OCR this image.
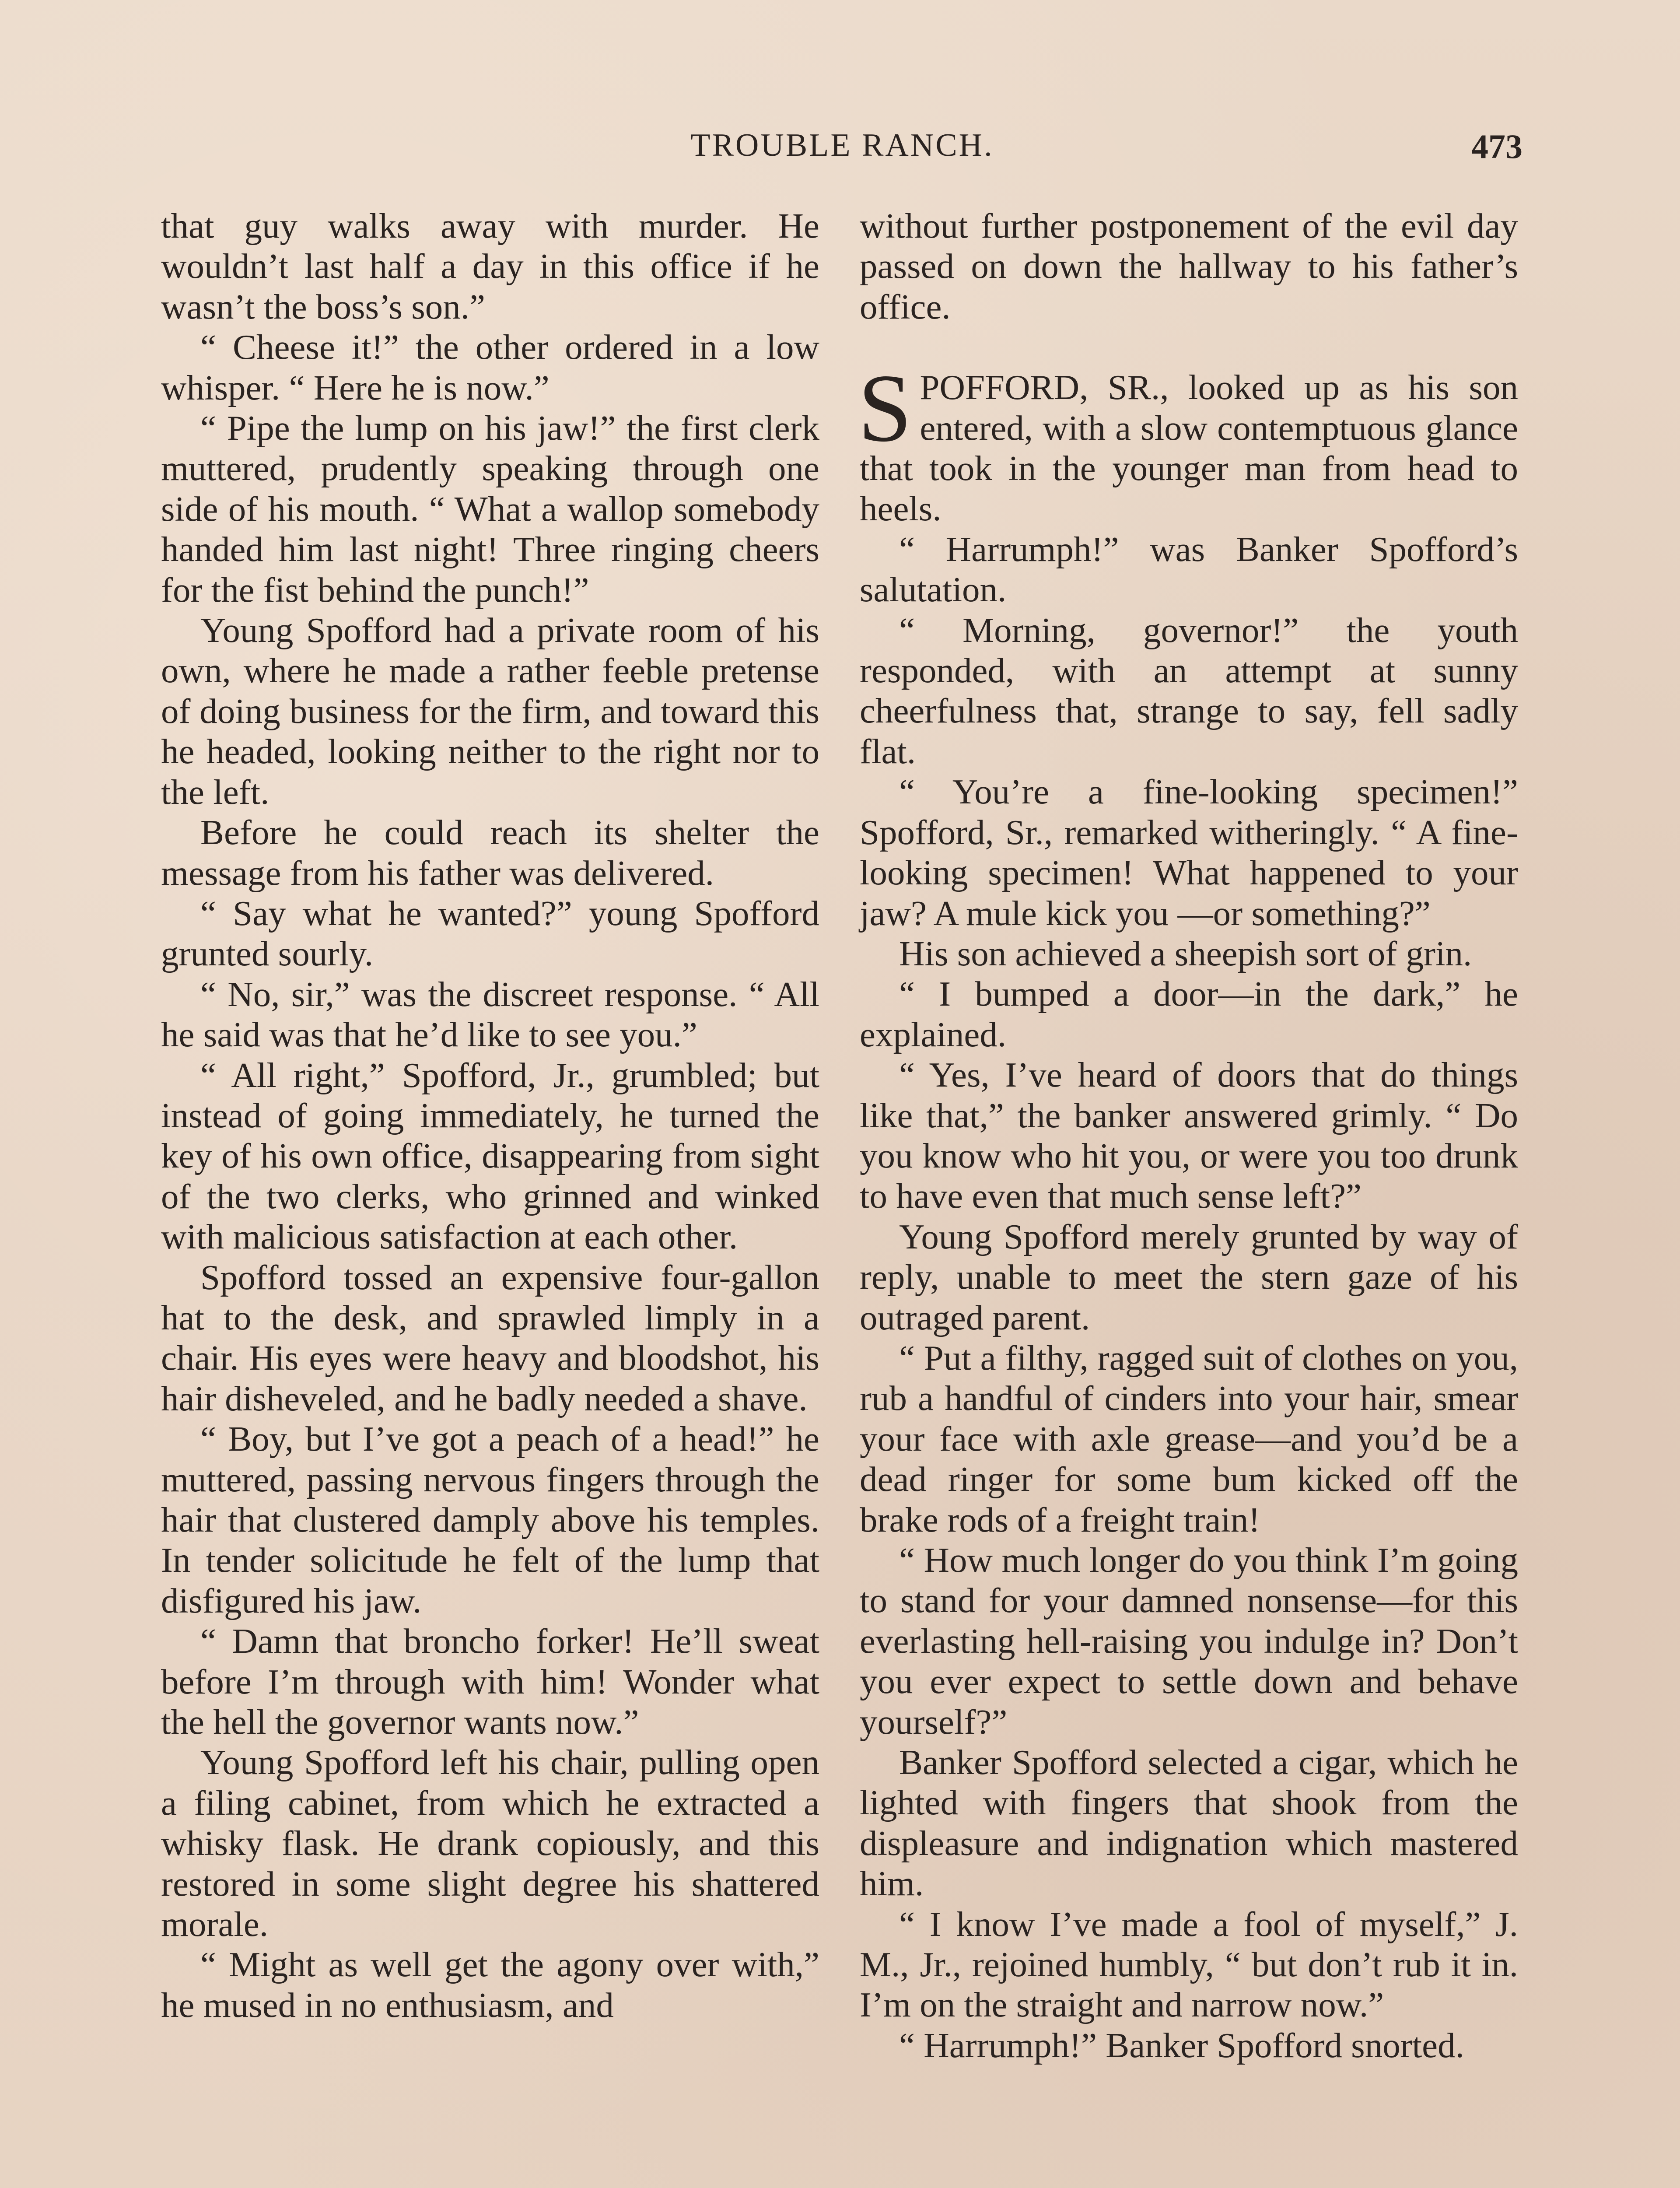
TROUBLE RANCH.	473

that guy walks away with murder. He wouldn’t last half a day in this office if he wasn’t the boss’s son.”

“ Cheese it!” the other ordered in a low whisper. “ Here he is now.”

“ Pipe the lump on his jaw!” the first clerk muttered, prudently speaking through one side of his mouth. “ What a wallop somebody handed him last night! Three ringing cheers for the fist behind the punch!”

Young Spofford had a private room of his own, where he made a rather feeble pretense of doing business for the firm, and toward this he headed, looking neither to the right nor to the left.

Before he could reach its shelter the message from his father was delivered.

“ Say what he wanted?” young Spofford grunted sourly.

“ No, sir,” was the discreet response. “ All he said was that he’d like to see you.”

“ All right,” Spofford, Jr., grumbled; but instead of going immediately, he turned the key of his own office, disappearing from sight of the two clerks, who grinned and winked with malicious satisfaction at each other.

Spofford tossed an expensive four-gallon hat to the desk, and sprawled limply in a chair. His eyes were heavy and bloodshot, his hair disheveled, and he badly needed a shave.

“ Boy, but I’ve got a peach of a head!” he muttered, passing nervous fingers through the hair that clustered damply above his temples. In tender solicitude he felt of the lump that disfigured his jaw.

“ Damn that broncho forker! He’ll sweat before I’m through with him! Wonder what the hell the governor wants now.”

Young Spofford left his chair, pulling open a filing cabinet, from which he extracted a whisky flask. He drank copiously, and this restored in some slight degree his shattered morale.

“ Might as well get the agony over with,” he mused in no enthusiasm, and

without further postponement of the evil day passed on down the hallway to his father’s office.

SPOFFORD, SR., looked up as his son entered, with a slow contemptuous glance that took in the younger man from head to heels.

“ Harrumph!” was Banker Spofford’s salutation.

“ Morning, governor!” the youth responded, with an attempt at sunny cheerfulness that, strange to say, fell sadly flat.

“ You’re a fine-looking specimen!” Spofford, Sr., remarked witheringly. “ A fine-looking specimen! What happened to your jaw? A mule kick you —or something?”

His son achieved a sheepish sort of grin.

“ I bumped a door—in the dark,” he explained.

“ Yes, I’ve heard of doors that do things like that,” the banker answered grimly. “ Do you know who hit you, or were you too drunk to have even that much sense left?”

Young Spofford merely grunted by way of reply, unable to meet the stern gaze of his outraged parent.

“ Put a filthy, ragged suit of clothes on you, rub a handful of cinders into your hair, smear your face with axle grease—and you’d be a dead ringer for some bum kicked off the brake rods of a freight train!

“ How much longer do you think I’m going to stand for your damned nonsense—for this everlasting hell-raising you indulge in? Don’t you ever expect to settle down and behave yourself?”

Banker Spofford selected a cigar, which he lighted with fingers that shook from the displeasure and indignation which mastered him.

“ I know I’ve made a fool of myself,” J. M., Jr., rejoined humbly, “ but don’t rub it in. I’m on the straight and narrow now.”

“ Harrumph!” Banker Spofford snorted.
